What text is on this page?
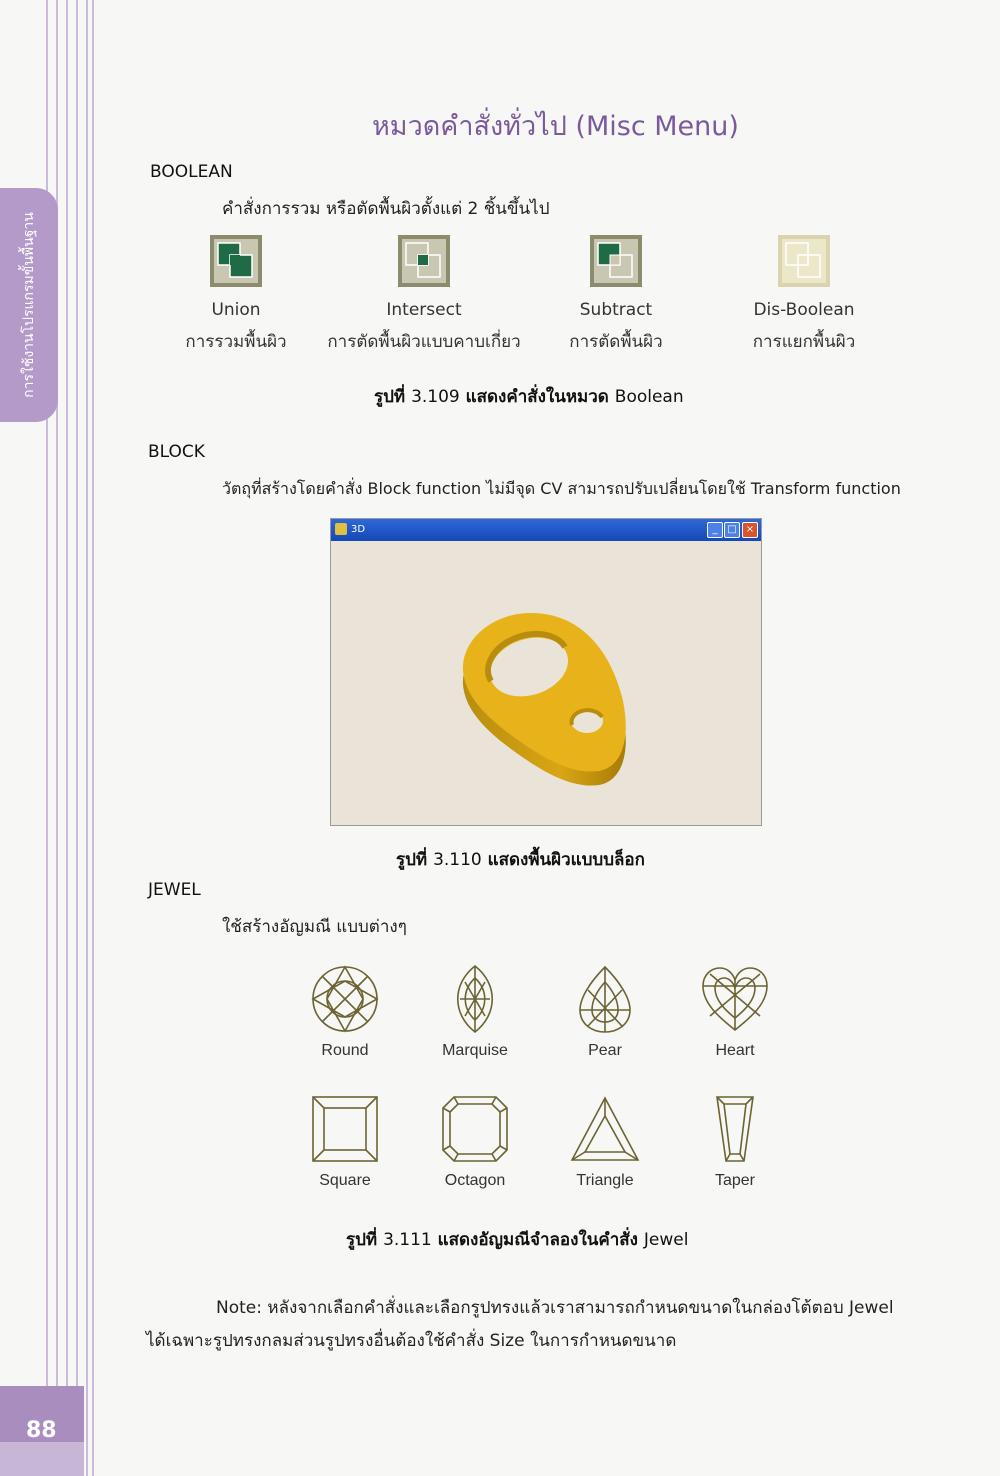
การใช้งานโปรแกรมขั้นพื้นฐาน
88
หมวดคำสั่งทั่วไป (Misc Menu)
BOOLEAN
คำสั่งการรวม หรือตัดพื้นผิวตั้งแต่ 2 ชิ้นขึ้นไป
Union
การรวมพื้นผิว
Intersect
การตัดพื้นผิวแบบคาบเกี่ยว
Subtract
การตัดพื้นผิว
Dis-Boolean
การแยกพื้นผิว
รูปที่ 3.109 แสดงคำสั่งในหมวด Boolean
BLOCK
วัตถุที่สร้างโดยคำสั่ง Block function ไม่มีจุด CV สามารถปรับเปลี่ยนโดยใช้ Transform function
3D	_ □ ×
รูปที่ 3.110 แสดงพื้นผิวแบบบล็อก
JEWEL
ใช้สร้างอัญมณี แบบต่างๆ
Round	Marquise	Pear	Heart
Square	Octagon	Triangle	Taper
รูปที่ 3.111 แสดงอัญมณีจำลองในคำสั่ง Jewel
Note: หลังจากเลือกคำสั่งและเลือกรูปทรงแล้วเราสามารถกำหนดขนาดในกล่องโต้ตอบ Jewel
ได้เฉพาะรูปทรงกลมส่วนรูปทรงอื่นต้องใช้คำสั่ง Size ในการกำหนดขนาด
